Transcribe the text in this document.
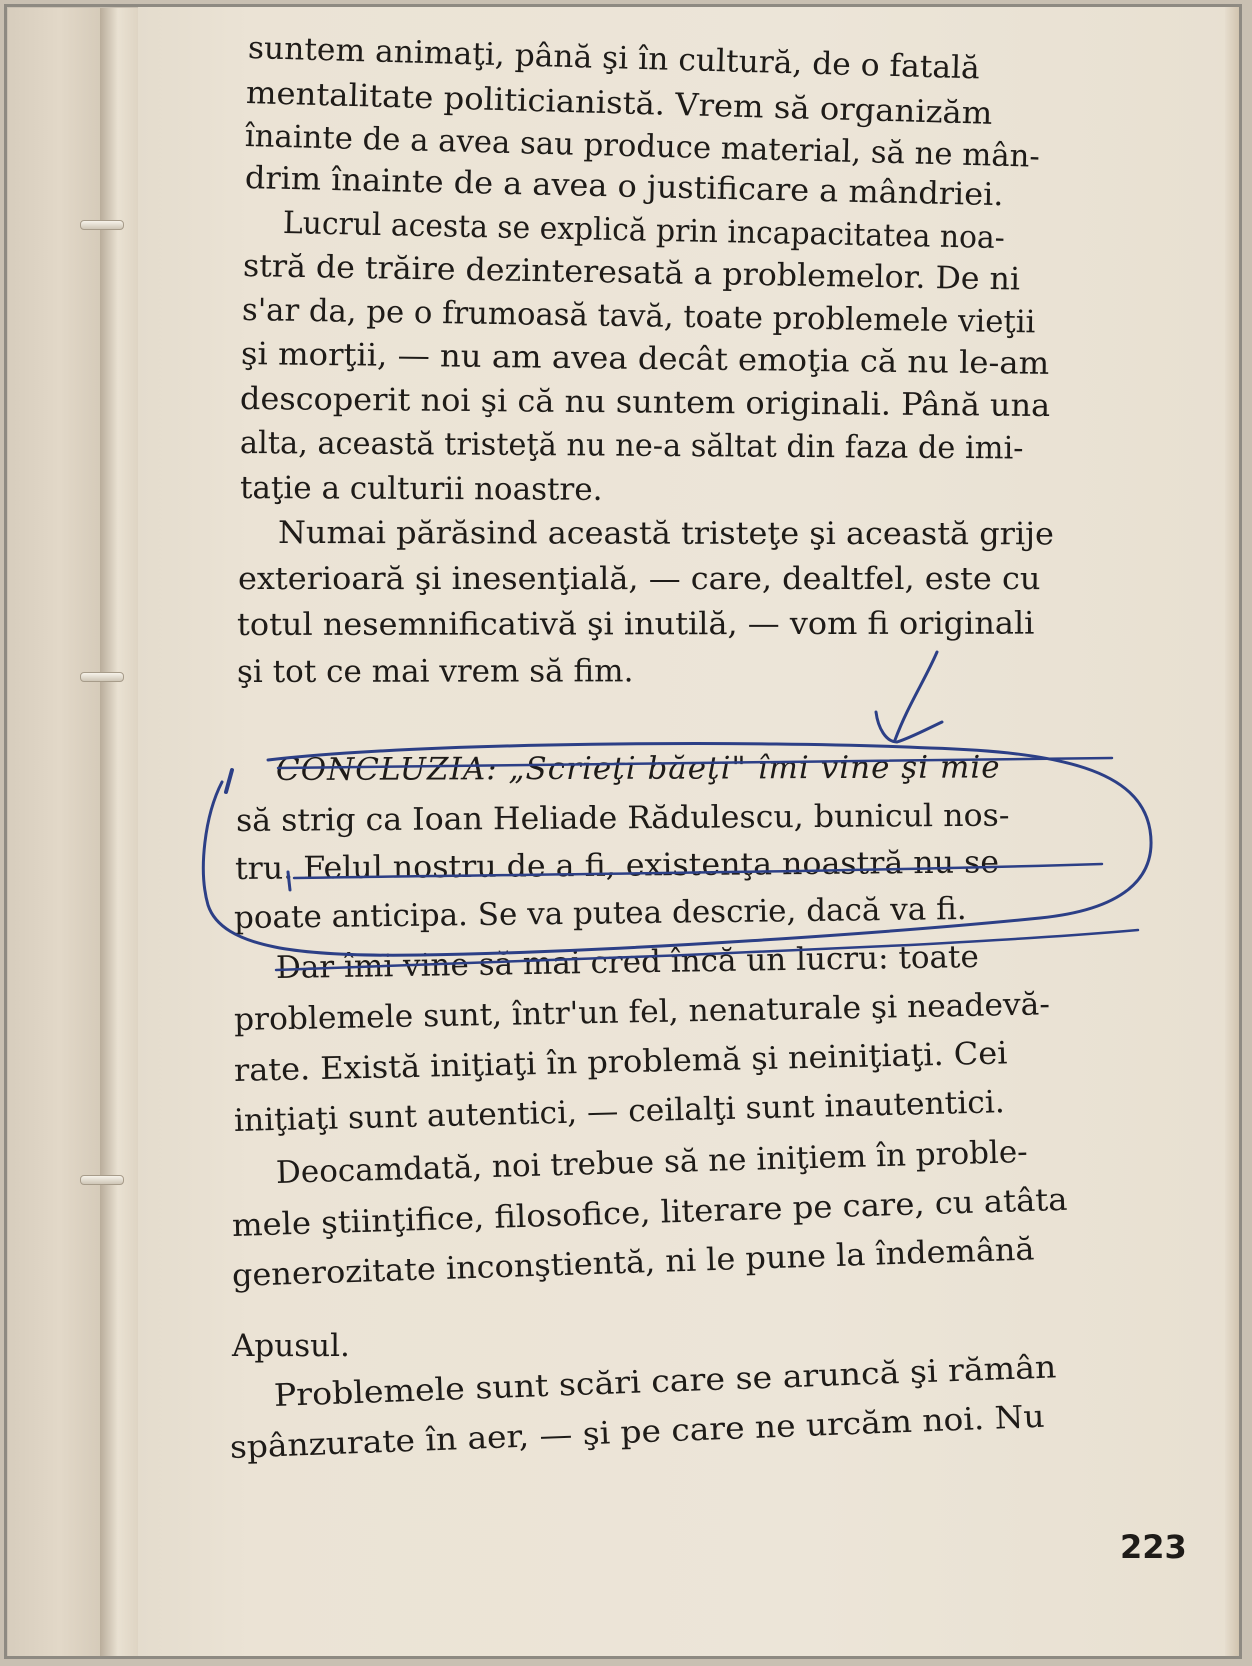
suntem animaţi, până şi în cultură, de o fatală

mentalitate politicianistă. Vrem să organizăm

înainte de a avea sau produce material, să ne mân-

drim înainte de a avea o justificare a mândriei.

Lucrul acesta se explică prin incapacitatea noa-

stră de trăire dezinteresată a problemelor. De ni

s'ar da, pe o frumoasă tavă, toate problemele vieţii

şi morţii, — nu am avea decât emoţia că nu le-am

descoperit noi şi că nu suntem originali. Până una

alta, această tristeţă nu ne-a săltat din faza de imi-

taţie a culturii noastre.

Numai părăsind această tristeţe şi această grije

exterioară şi inesenţială, — care, dealtfel, este cu

totul nesemnificativă şi inutilă, — vom fi originali

şi tot ce mai vrem să fim.

CONCLUZIA: „Scrieţi băeţi" îmi vine şi mie

să strig ca Ioan Heliade Rădulescu, bunicul nos-

tru. Felul nostru de a fi, existenţa noastră nu se

poate anticipa. Se va putea descrie, dacă va fi.

Dar îmi vine să mai cred încă un lucru: toate

problemele sunt, într'un fel, nenaturale şi neadevă-

rate. Există iniţiaţi în problemă şi neiniţiaţi. Cei

iniţiaţi sunt autentici, — ceilalţi sunt inautentici.

Deocamdată, noi trebue să ne iniţiem în proble-

mele ştiinţifice, filosofice, literare pe care, cu atâta

generozitate inconştientă, ni le pune la îndemână

Apusul.

Problemele sunt scări care se aruncă şi rămân

spânzurate în aer, — şi pe care ne urcăm noi. Nu

223
